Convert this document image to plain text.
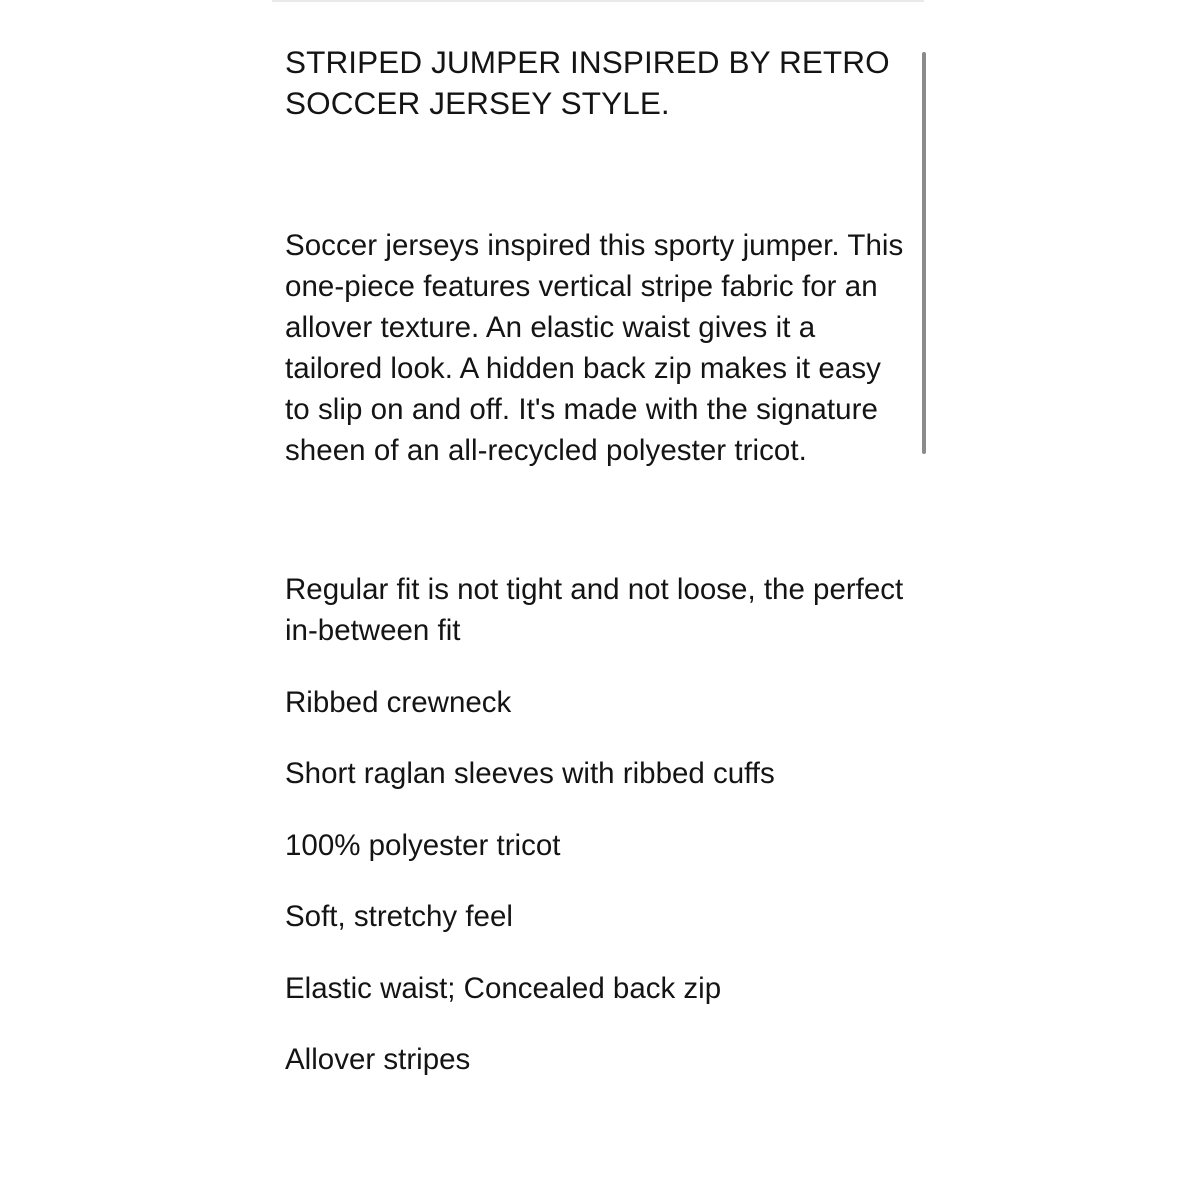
STRIPED JUMPER INSPIRED BY RETRO SOCCER JERSEY STYLE.

Soccer jerseys inspired this sporty jumper. This one-piece features vertical stripe fabric for an allover texture. An elastic waist gives it a tailored look. A hidden back zip makes it easy to slip on and off. It's made with the signature sheen of an all-recycled polyester tricot.

Regular fit is not tight and not loose, the perfect in-between fit
Ribbed crewneck
Short raglan sleeves with ribbed cuffs
100% polyester tricot
Soft, stretchy feel
Elastic waist; Concealed back zip
Allover stripes
